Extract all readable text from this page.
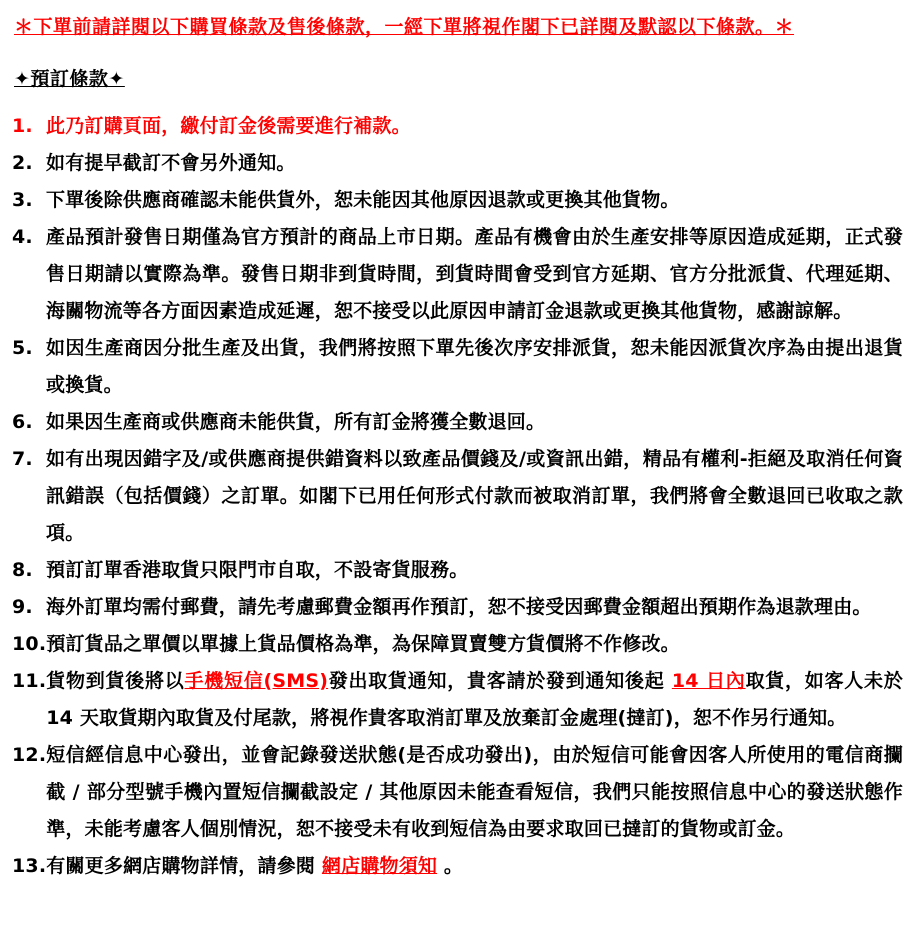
＊下單前請詳閱以下購買條款及售後條款，一經下單將視作閣下已詳閱及默認以下條款。＊
✦預訂條款✦
1. 此乃訂購頁面，繳付訂金後需要進行補款。
2. 如有提早截訂不會另外通知。
3. 下單後除供應商確認未能供貨外，恕未能因其他原因退款或更換其他貨物。
4. 產品預計發售日期僅為官方預計的商品上市日期。產品有機會由於生產安排等原因造成延期，正式發售日期請以實際為準。發售日期非到貨時間，到貨時間會受到官方延期、官方分批派貨、代理延期、海關物流等各方面因素造成延遲，恕不接受以此原因申請訂金退款或更換其他貨物，感謝諒解。
5. 如因生產商因分批生產及出貨，我們將按照下單先後次序安排派貨，恕未能因派貨次序為由提出退貨或換貨。
6. 如果因生產商或供應商未能供貨，所有訂金將獲全數退回。
7. 如有出現因錯字及/或供應商提供錯資料以致產品價錢及/或資訊出錯，精品有權利-拒絕及取消任何資訊錯誤（包括價錢）之訂單。如閣下已用任何形式付款而被取消訂單，我們將會全數退回已收取之款項。
8. 預訂訂單香港取貨只限門市自取，不設寄貨服務。
9. 海外訂單均需付郵費，請先考慮郵費金額再作預訂，恕不接受因郵費金額超出預期作為退款理由。
10. 預訂貨品之單價以單據上貨品價格為準，為保障買賣雙方貨價將不作修改。
11. 貨物到貨後將以手機短信(SMS)發出取貨通知，貴客請於發到通知後起 14 日內取貨，如客人未於 14 天取貨期內取貨及付尾款，將視作貴客取消訂單及放棄訂金處理(撻訂)，恕不作另行通知。
12. 短信經信息中心發出，並會記錄發送狀態(是否成功發出)，由於短信可能會因客人所使用的電信商攔截 / 部分型號手機內置短信攔截設定 / 其他原因未能查看短信，我們只能按照信息中心的發送狀態作準，未能考慮客人個別情況，恕不接受未有收到短信為由要求取回已撻訂的貨物或訂金。
13. 有關更多網店購物詳情，請參閱 網店購物須知 。
